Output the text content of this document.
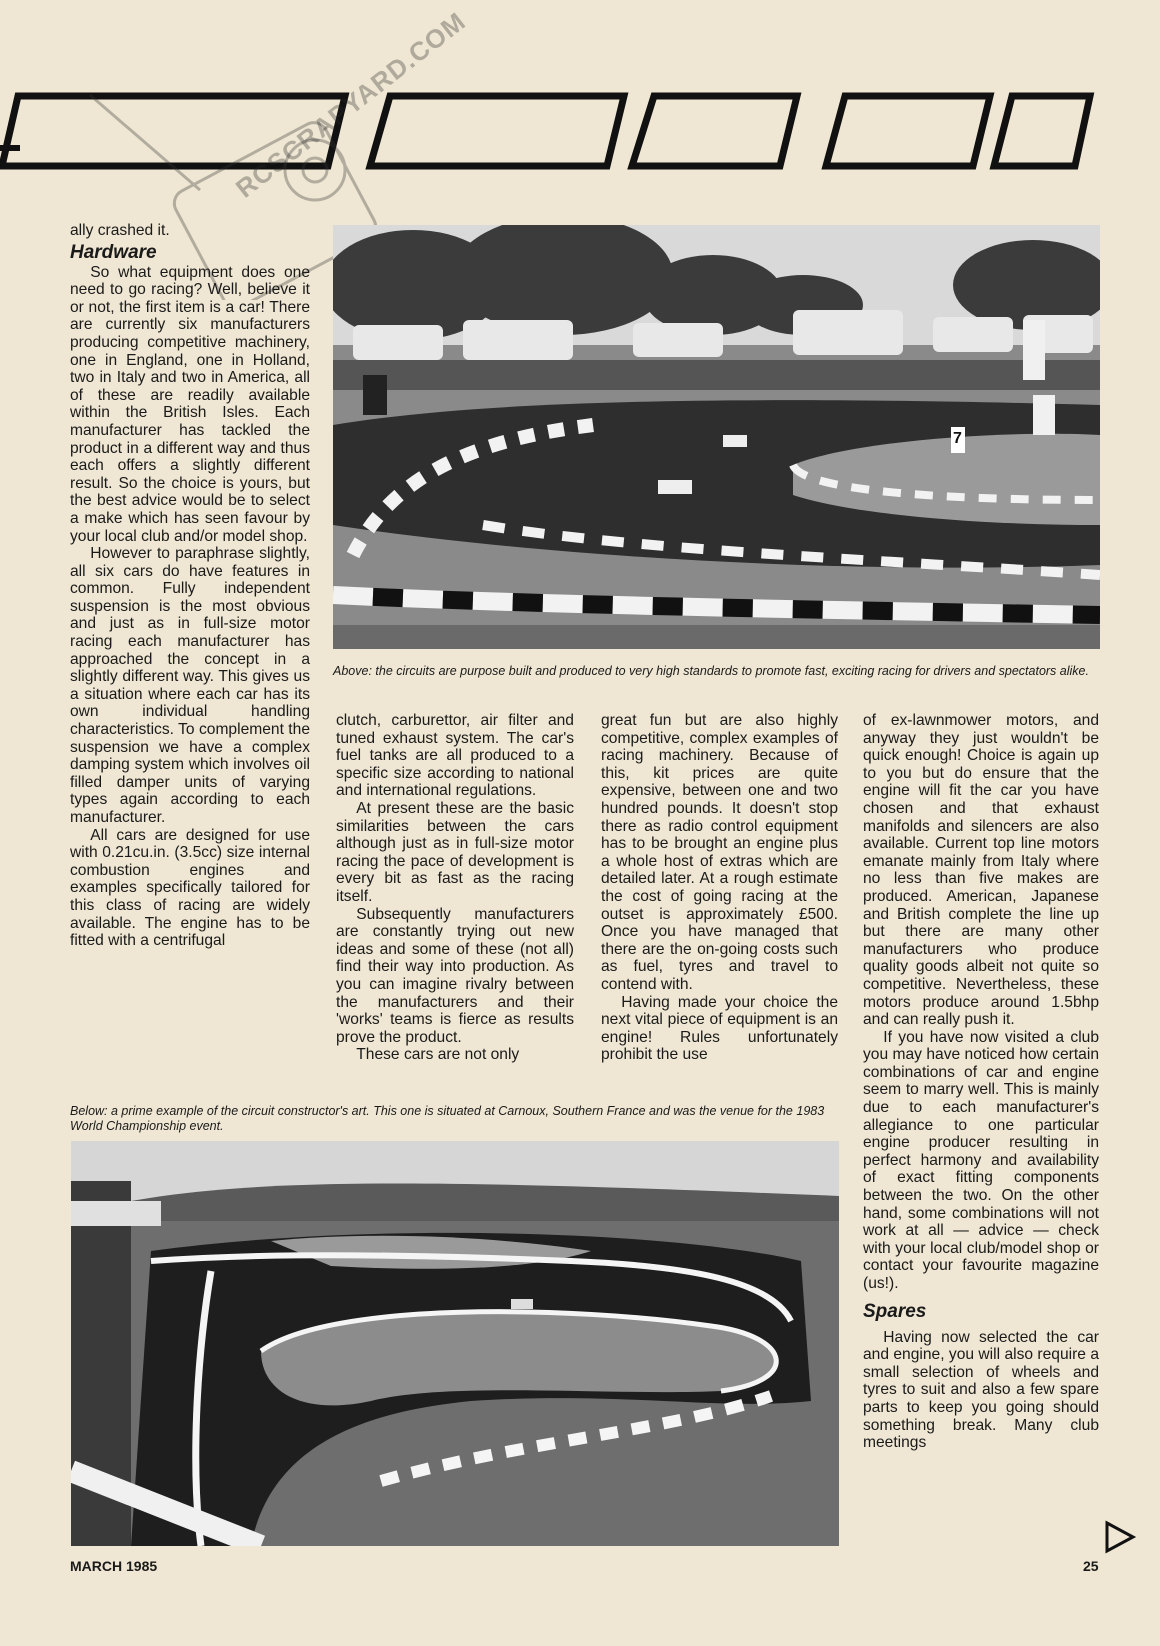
RCSCRAPYARD.COM

ally crashed it.

Hardware

So what equipment does one need to go racing? Well, believe it or not, the first item is a car! There are currently six manufacturers producing competitive machinery, one in England, one in Holland, two in Italy and two in America, all of these are readily available within the British Isles. Each manufacturer has tackled the product in a different way and thus each offers a slightly different result. So the choice is yours, but the best advice would be to select a make which has seen favour by your local club and/or model shop.

However to paraphrase slightly, all six cars do have features in common. Fully independent suspension is the most obvious and just as in full-size motor racing each manufacturer has approached the concept in a slightly different way. This gives us a situation where each car has its own individual handling characteristics. To complement the suspension we have a complex damping system which involves oil filled damper units of varying types again according to each manufacturer.

All cars are designed for use with 0.21cu.in. (3.5cc) size internal combustion engines and examples specifically tailored for this class of racing are widely available. The engine has to be fitted with a centrifugal

7
Above: the circuits are purpose built and produced to very high standards to promote fast, exciting racing for drivers and spectators alike.

clutch, carburettor, air filter and tuned exhaust system. The car's fuel tanks are all produced to a specific size according to national and international regulations.

At present these are the basic similarities between the cars although just as in full-size motor racing the pace of development is every bit as fast as the racing itself.

Subsequently manufacturers are constantly trying out new ideas and some of these (not all) find their way into production. As you can imagine rivalry between the manufacturers and their 'works' teams is fierce as results prove the product.

These cars are not only

great fun but are also highly competitive, complex examples of racing machinery. Because of this, kit prices are quite expensive, between one and two hundred pounds. It doesn't stop there as radio control equipment has to be brought an engine plus a whole host of extras which are detailed later. At a rough estimate the cost of going racing at the outset is approximately £500. Once you have managed that there are the on-going costs such as fuel, tyres and travel to contend with.

Having made your choice the next vital piece of equipment is an engine! Rules unfortunately prohibit the use

of ex-lawnmower motors, and anyway they just wouldn't be quick enough! Choice is again up to you but do ensure that the engine will fit the car you have chosen and that exhaust manifolds and silencers are also available. Current top line motors emanate mainly from Italy where no less than five makes are produced. American, Japanese and British complete the line up but there are many other manufacturers who produce quality goods albeit not quite so competitive. Nevertheless, these motors produce around 1.5bhp and can really push it.

If you have now visited a club you may have noticed how certain combinations of car and engine seem to marry well. This is mainly due to each manufacturer's allegiance to one particular engine producer resulting in perfect harmony and availability of exact fitting components between the two. On the other hand, some combinations will not work at all — advice — check with your local club/model shop or contact your favourite magazine (us!).

Spares

Having now selected the car and engine, you will also require a small selection of wheels and tyres to suit and also a few spare parts to keep you going should something break. Many club meetings

Below: a prime example of the circuit constructor's art. This one is situated at Carnoux, Southern France and was the venue for the 1983 World Championship event.
MARCH 1985	25
